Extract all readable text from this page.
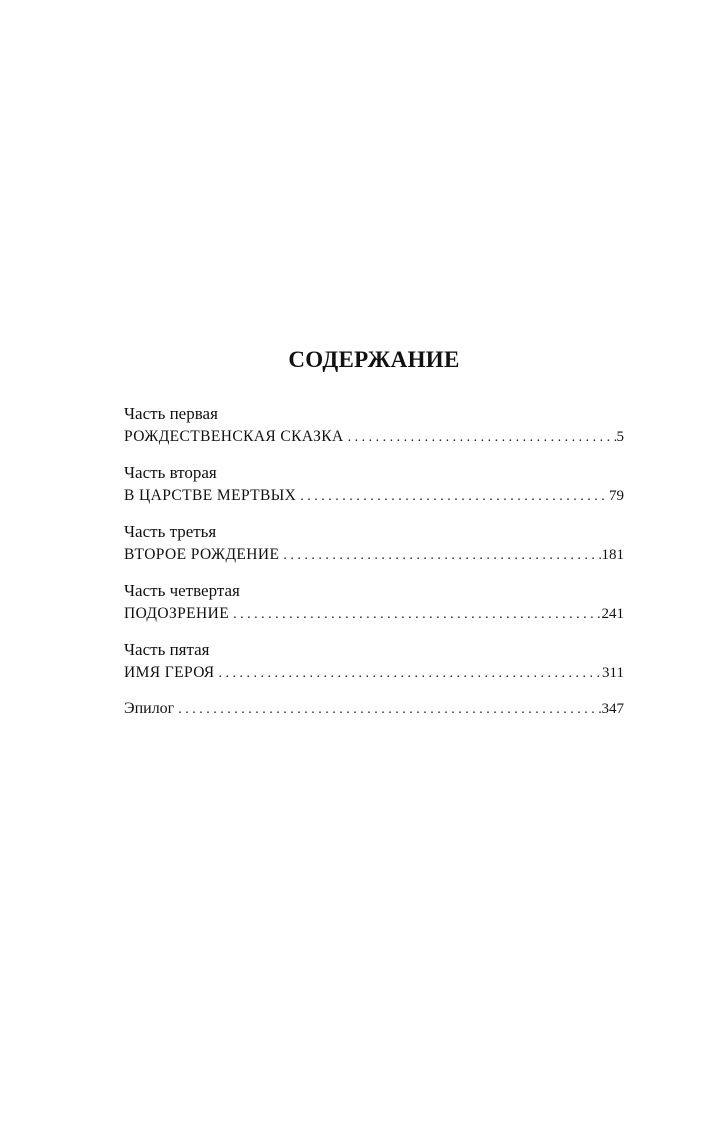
СОДЕРЖАНИЕ
Часть первая
РОЖДЕСТВЕНСКАЯ СКАЗКА . . .	5
Часть вторая
В ЦАРСТВЕ МЕРТВЫХ . . .	79
Часть третья
ВТОРОЕ РОЖДЕНИЕ . . .	181
Часть четвертая
ПОДОЗРЕНИЕ . . .	241
Часть пятая
ИМЯ ГЕРОЯ . . .	311
Эпилог . . .	347
